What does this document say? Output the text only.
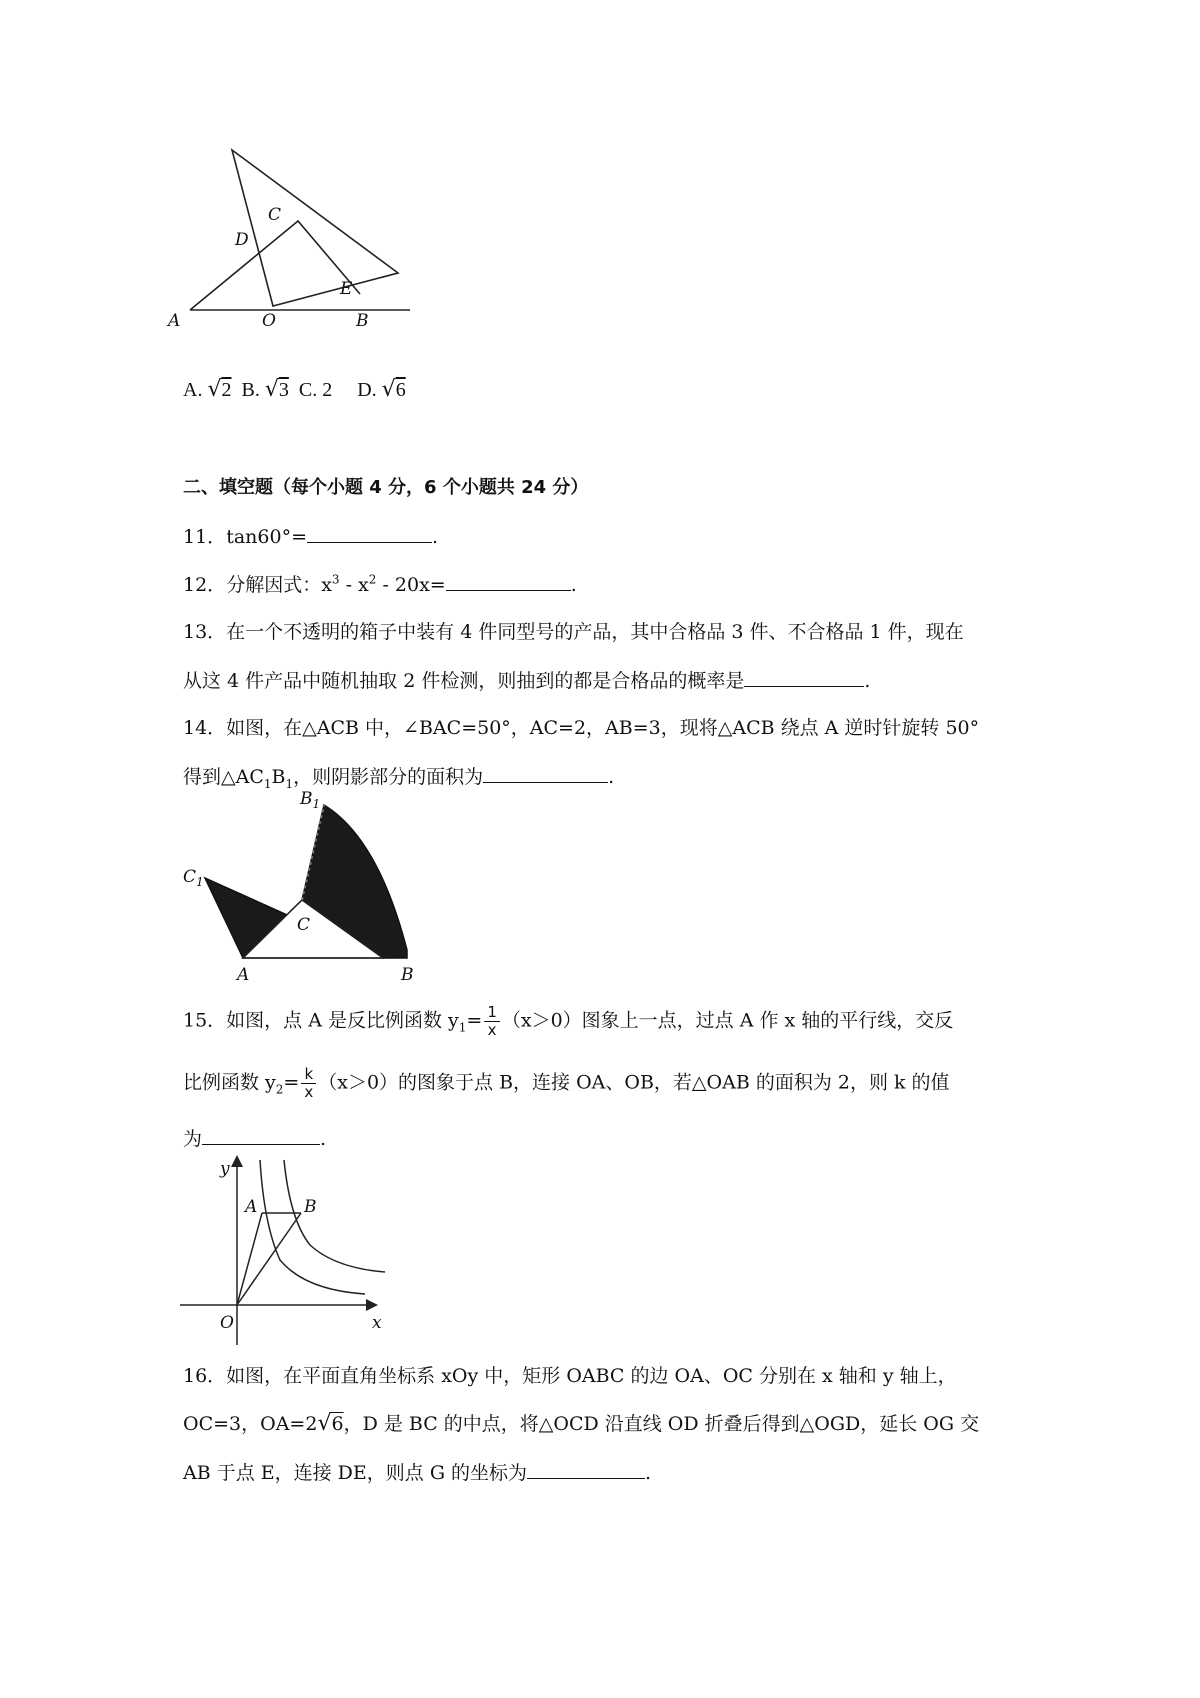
A	O	B
C
D
E
A. √2 B. √3 C. 2 D. √6
二、填空题（每个小题 4 分，6 个小题共 24 分）
11．tan60°=	.
12．分解因式：$x^3 - x^2 - 20x=$	.
13．在一个不透明的箱子中装有 4 件同型号的产品，其中合格品 3 件、不合格品 1 件，现在
从这 4 件产品中随机抽取 2 件检测，则抽到的都是合格品的概率是	.
14．如图，在△ACB 中，∠BAC=50°，AC=2，AB=3，现将△ACB 绕点 A 逆时针旋转 50°
得到$\triangle AC_1B_1$，则阴影部分的面积为	.
$C_1$
$B_1$
C
A	B
15．如图，点 A 是反比例函数 $y_1= \frac{1}{x} (x>0)$图象上一点，过点 A 作 x 轴的平行线，交反
比例函数 $y_2= \frac{k}{x} (x>0)$的图象于点 B，连接 OA、OB，若△OAB 的面积为 2，则 k 的值
为	.
y
x
O
A	B
16．如图，在平面直角坐标系 xOy 中，矩形 OABC 的边 OA、OC 分别在 x 轴和 y 轴上，
OC=3，OA=2√6，D 是 BC 的中点，将△OCD 沿直线 OD 折叠后得到△OGD，延长 OG 交
AB 于点 E，连接 DE，则点 G 的坐标为	.
